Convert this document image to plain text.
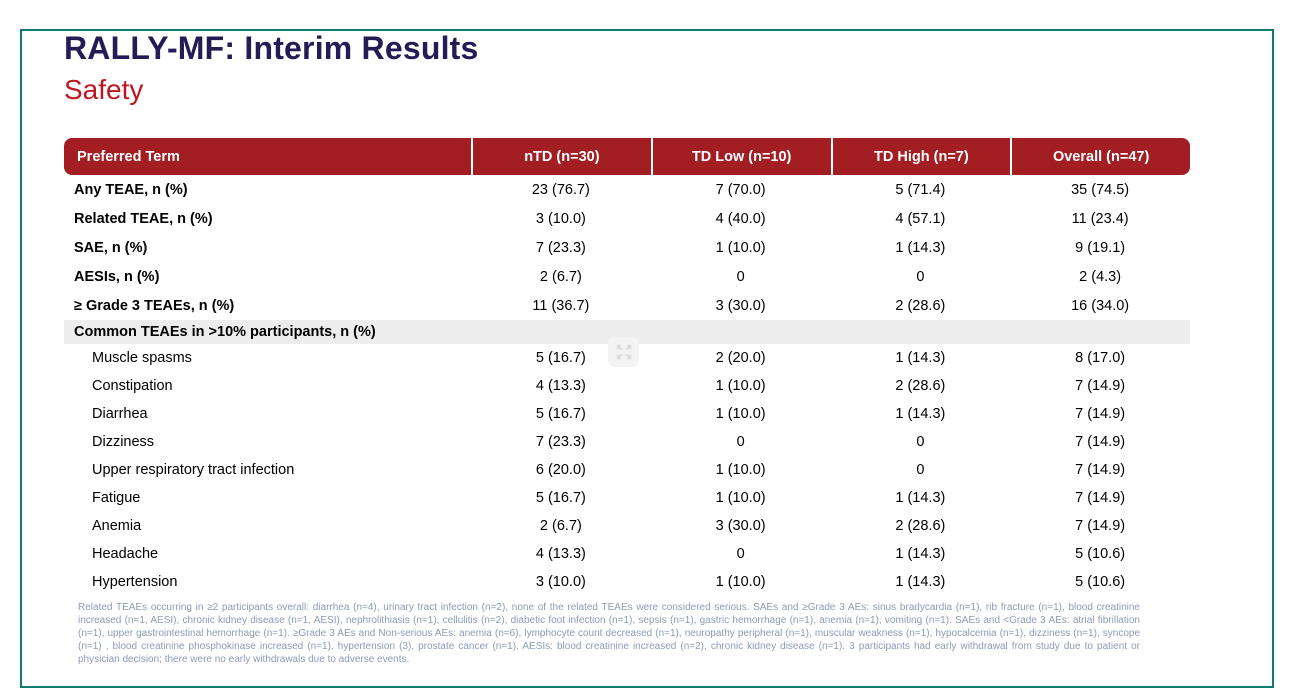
RALLY-MF: Interim Results
Safety
Preferred Term	nTD (n=30)	TD Low (n=10)	TD High (n=7)	Overall (n=47)
Any TEAE, n (%)	23 (76.7)	7 (70.0)	5 (71.4)	35 (74.5)
Related TEAE, n (%)	3 (10.0)	4 (40.0)	4 (57.1)	11 (23.4)
SAE, n (%)	7 (23.3)	1 (10.0)	1 (14.3)	9 (19.1)
AESIs, n (%)	2 (6.7)	0	0	2 (4.3)
≥ Grade 3 TEAEs, n (%)	11 (36.7)	3 (30.0)	2 (28.6)	16 (34.0)
Common TEAEs in >10% participants, n (%)
Muscle spasms	5 (16.7)	2 (20.0)	1 (14.3)	8 (17.0)
Constipation	4 (13.3)	1 (10.0)	2 (28.6)	7 (14.9)
Diarrhea	5 (16.7)	1 (10.0)	1 (14.3)	7 (14.9)
Dizziness	7 (23.3)	0	0	7 (14.9)
Upper respiratory tract infection	6 (20.0)	1 (10.0)	0	7 (14.9)
Fatigue	5 (16.7)	1 (10.0)	1 (14.3)	7 (14.9)
Anemia	2 (6.7)	3 (30.0)	2 (28.6)	7 (14.9)
Headache	4 (13.3)	0	1 (14.3)	5 (10.6)
Hypertension	3 (10.0)	1 (10.0)	1 (14.3)	5 (10.6)
Related TEAEs occurring in ≥2 participants overall: diarrhea (n=4), urinary tract infection (n=2), none of the related TEAEs were considered serious. SAEs and ≥Grade 3 AEs: sinus bradycardia (n=1), rib fracture (n=1), blood creatinine increased (n=1, AESI), chronic kidney disease (n=1, AESI), nephrolithiasis (n=1), cellulitis (n=2), diabetic foot infection (n=1), sepsis (n=1), gastric hemorrhage (n=1), anemia (n=1), vomiting (n=1). SAEs and <Grade 3 AEs: atrial fibrillation (n=1), upper gastrointestinal hemorrhage (n=1). ≥Grade 3 AEs and Non-serious AEs: anemia (n=6), lymphocyte count decreased (n=1), neuropathy peripheral (n=1), muscular weakness (n=1), hypocalcemia (n=1), dizziness (n=1), syncope (n=1) , blood creatinine phosphokinase increased (n=1), hypertension (3), prostate cancer (n=1). AESIs: blood creatinine increased (n=2), chronic kidney disease (n=1). 3 participants had early withdrawal from study due to patient or physician decision; there were no early withdrawals due to adverse events.
